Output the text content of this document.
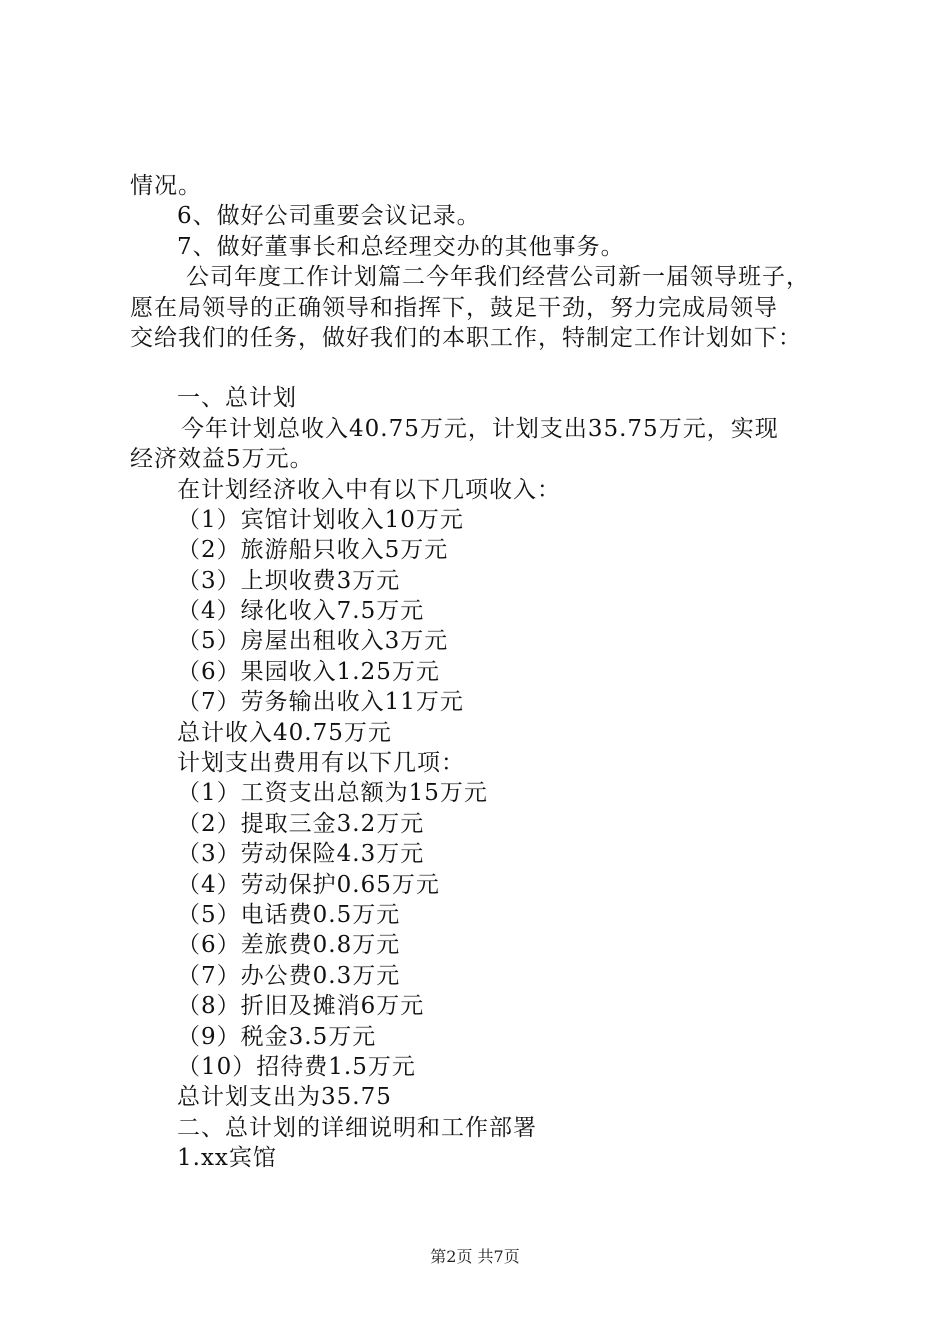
情况。
6、做好公司重要会议记录。
7、做好董事长和总经理交办的其他事务。
公司年度工作计划篇二今年我们经营公司新一届领导班子，
愿在局领导的正确领导和指挥下，鼓足干劲，努力完成局领导
交给我们的任务，做好我们的本职工作，特制定工作计划如下：
一、总计划
今年计划总收入40.75万元，计划支出35.75万元，实现
经济效益5万元。
在计划经济收入中有以下几项收入：
（1）宾馆计划收入10万元
（2）旅游船只收入5万元
（3）上坝收费3万元
（4）绿化收入7.5万元
（5）房屋出租收入3万元
（6）果园收入1.25万元
（7）劳务输出收入11万元
总计收入40.75万元
计划支出费用有以下几项：
（1）工资支出总额为15万元
（2）提取三金3.2万元
（3）劳动保险4.3万元
（4）劳动保护0.65万元
（5）电话费0.5万元
（6）差旅费0.8万元
（7）办公费0.3万元
（8）折旧及摊消6万元
（9）税金3.5万元
（10）招待费1.5万元
总计划支出为35.75
二、总计划的详细说明和工作部署
1.xx宾馆
第2页 共7页
